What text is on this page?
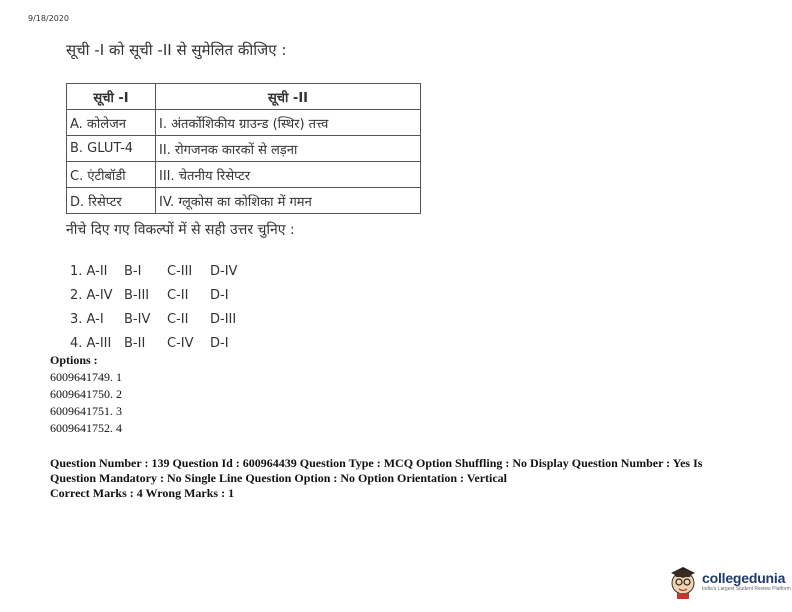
9/18/2020
सूची -I को सूची -II से सुमेलित कीजिए :
सूची -I	सूची -II
A. कोलेजन	I. अंतर्कोशिकीय ग्राउन्ड (स्थिर) तत्त्व
B. GLUT-4	II. रोगजनक कारकों से लड़ना
C. एंटीबॉडी	III. चेतनीय रिसेप्टर
D. रिसेप्टर	IV. ग्लूकोस का कोशिका में गमन
नीचे दिए गए विकल्पों में से सही उत्तर चुनिए :
1. A-II	B-I	C-III	D-IV
2. A-IV B-III	C-II	D-I
3. A-I	B-IV	C-II	D-III
4. A-III B-II	C-IV	D-I
Options :
6009641749. 1
6009641750. 2
6009641751. 3
6009641752. 4
Question Number : 139 Question Id : 600964439 Question Type : MCQ Option Shuffling : No Display Question Number : Yes Is
Question Mandatory : No Single Line Question Option : No Option Orientation : Vertical
Correct Marks : 4 Wrong Marks : 1
collegedunia
India's Largest Student Review Platform
